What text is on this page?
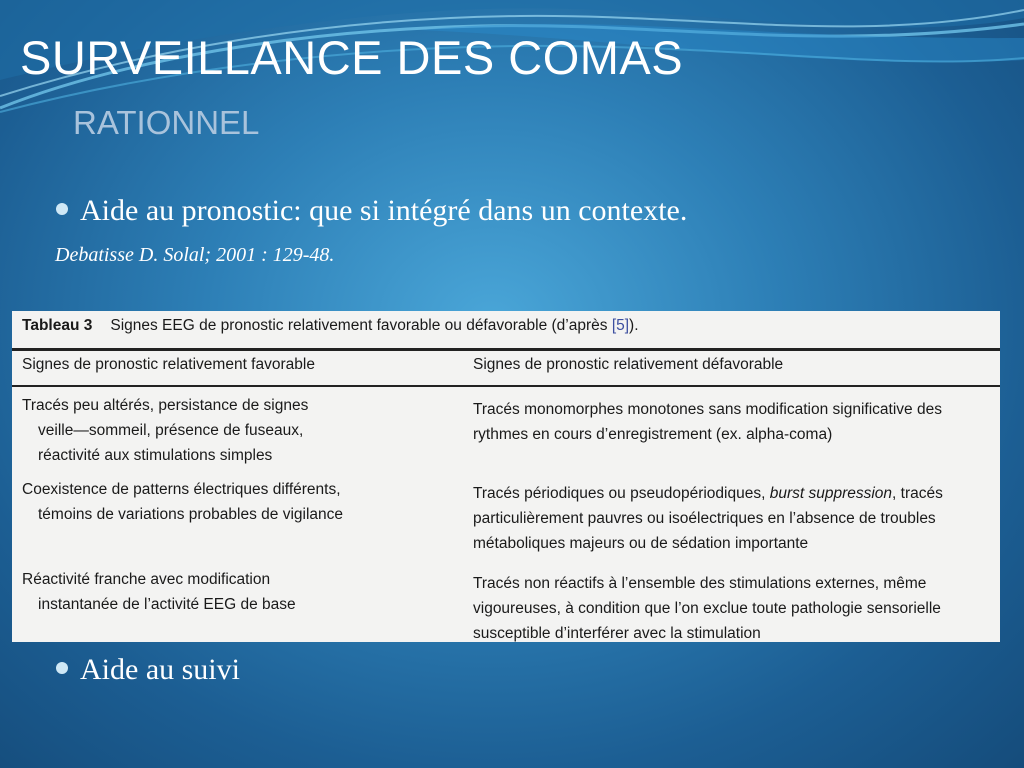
SURVEILLANCE DES COMAS
RATIONNEL
Aide au pronostic: que si intégré dans un contexte.
Debatisse D. Solal; 2001 : 129-48.
Tableau 3 Signes EEG de pronostic relativement favorable ou défavorable (d’après [5]).
Signes de pronostic relativement favorable	Signes de pronostic relativement défavorable
Tracés peu altérés, persistance de signes
veille—sommeil, présence de fuseaux,
réactivité aux stimulations simples
Tracés monomorphes monotones sans modification significative des
rythmes en cours d’enregistrement (ex. alpha-coma)
Coexistence de patterns électriques différents,
témoins de variations probables de vigilance
Tracés périodiques ou pseudopériodiques, burst suppression, tracés
particulièrement pauvres ou isoélectriques en l’absence de troubles
métaboliques majeurs ou de sédation importante
Réactivité franche avec modification
instantanée de l’activité EEG de base
Tracés non réactifs à l’ensemble des stimulations externes, même
vigoureuses, à condition que l’on exclue toute pathologie sensorielle
susceptible d’interférer avec la stimulation
Aide au suivi
